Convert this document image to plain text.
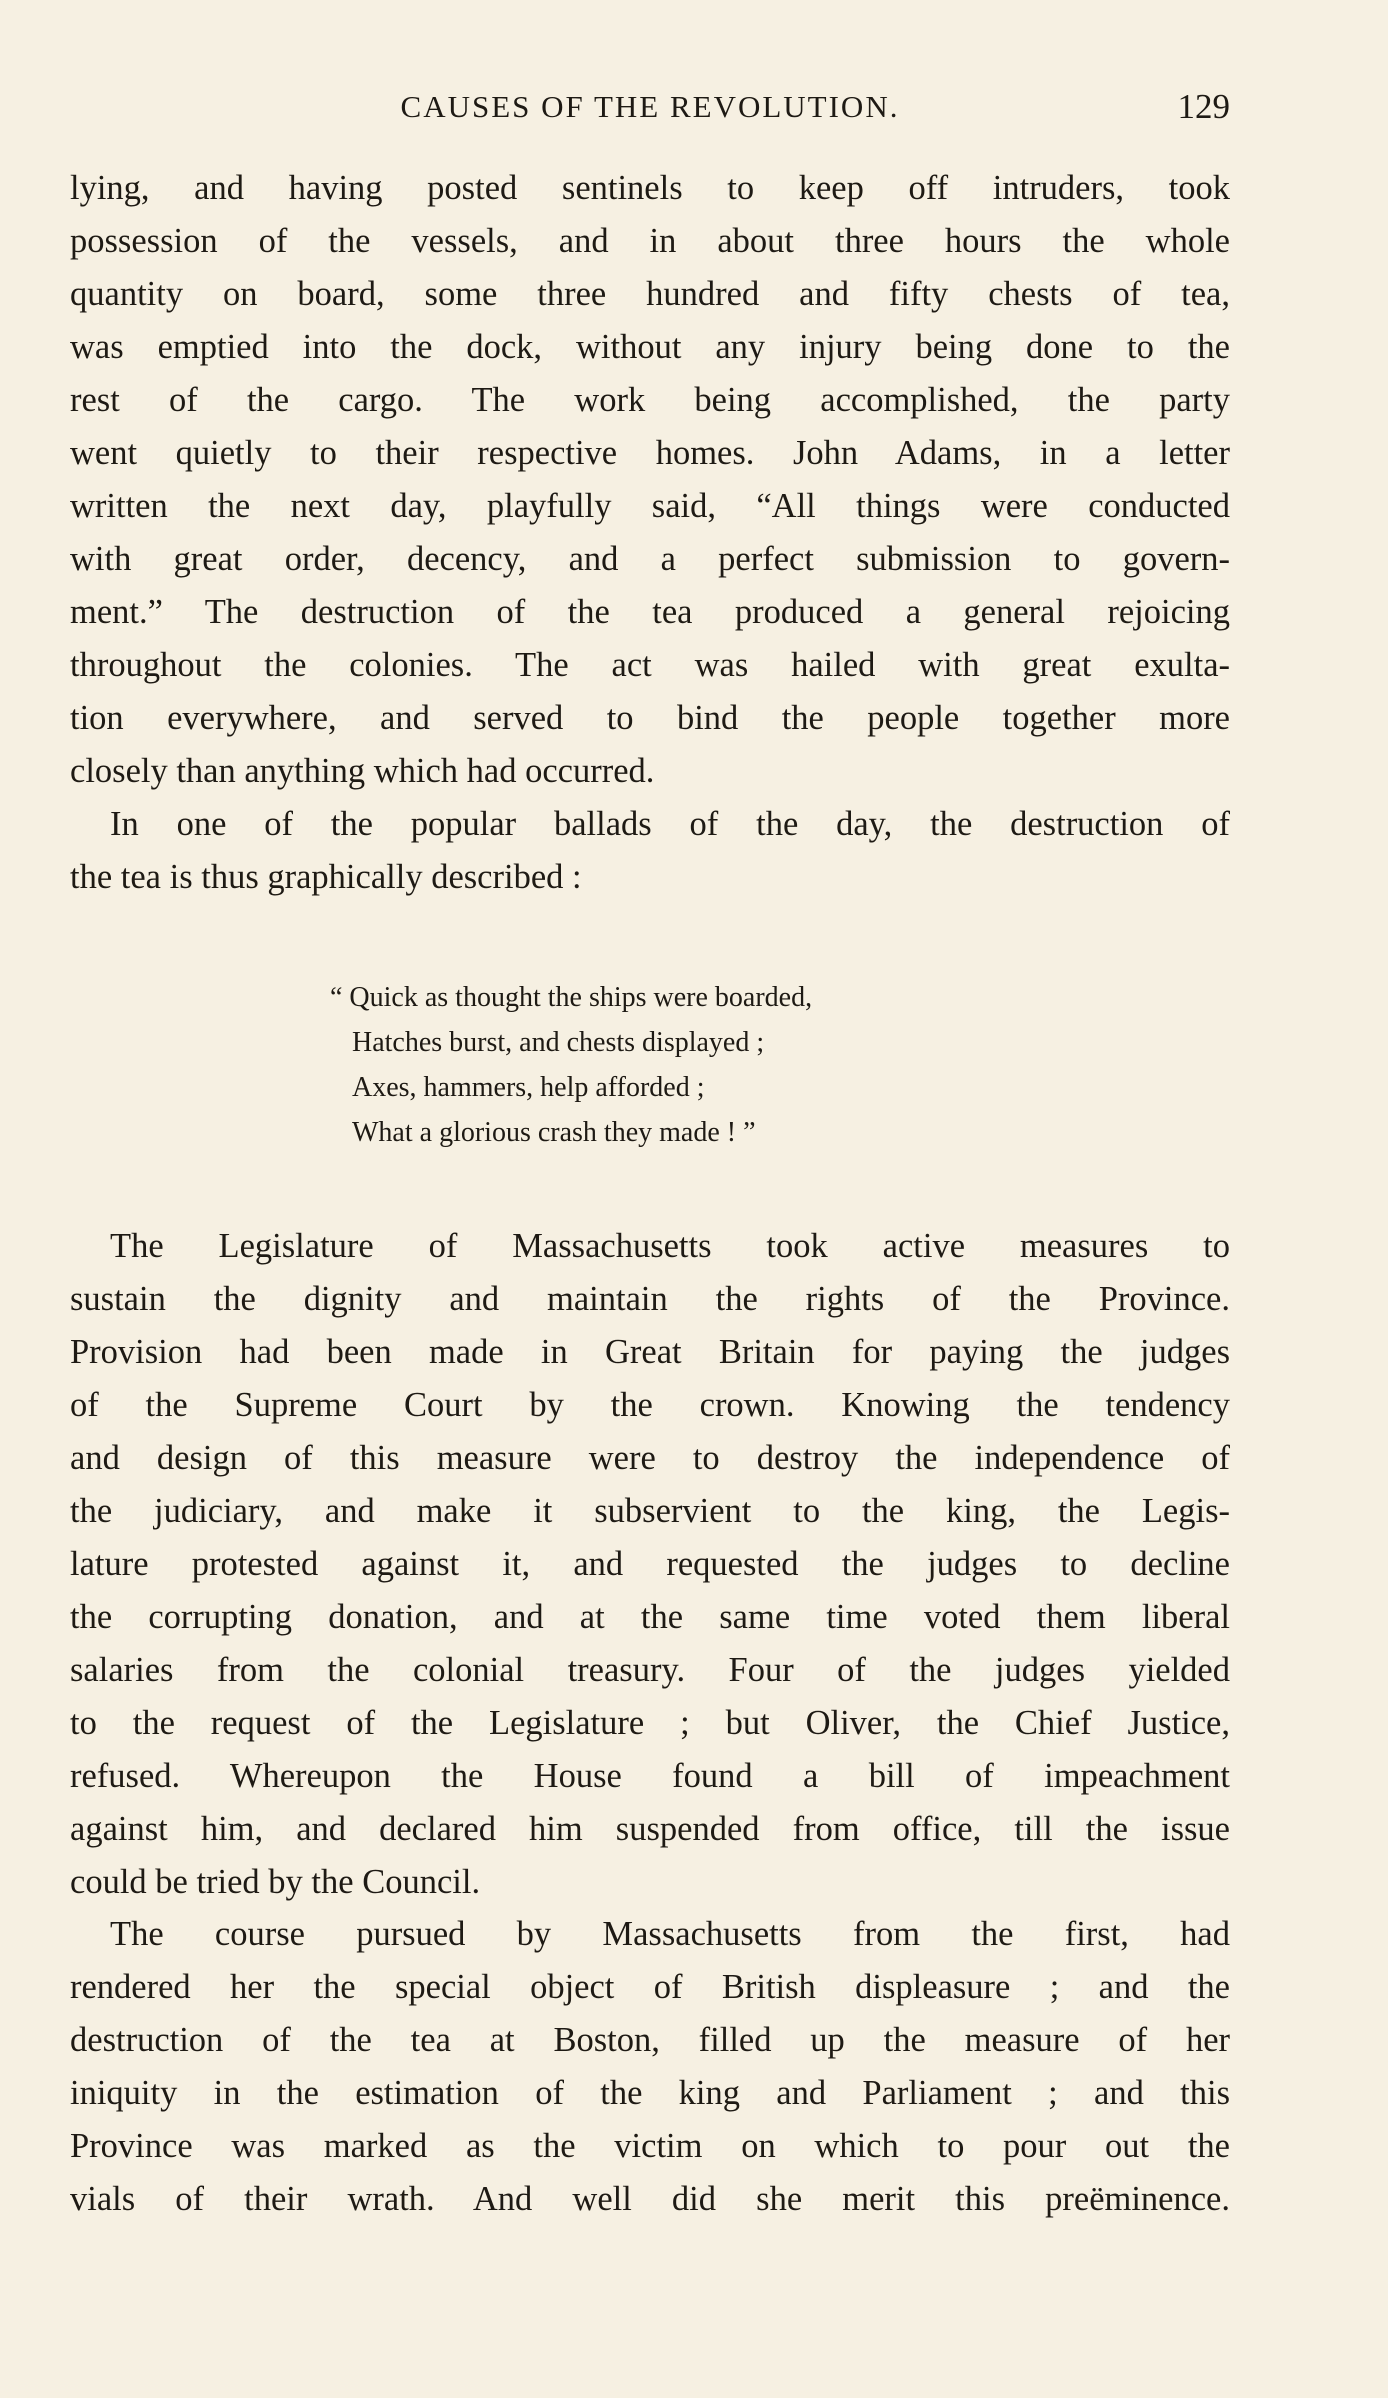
CAUSES OF THE REVOLUTION.	129
lying, and having posted sentinels to keep off intruders, took
possession of the vessels, and in about three hours the whole
quantity on board, some three hundred and fifty chests of tea,
was emptied into the dock, without any injury being done to the
rest of the cargo. The work being accomplished, the party
went quietly to their respective homes. John Adams, in a letter
written the next day, playfully said, “All things were conducted
with great order, decency, and a perfect submission to govern-
ment.” The destruction of the tea produced a general rejoicing
throughout the colonies. The act was hailed with great exulta-
tion everywhere, and served to bind the people together more
closely than anything which had occurred.
In one of the popular ballads of the day, the destruction of
the tea is thus graphically described :
“ Quick as thought the ships were boarded,
Hatches burst, and chests displayed ;
Axes, hammers, help afforded ;
What a glorious crash they made ! ”
The Legislature of Massachusetts took active measures to
sustain the dignity and maintain the rights of the Province.
Provision had been made in Great Britain for paying the judges
of the Supreme Court by the crown. Knowing the tendency
and design of this measure were to destroy the independence of
the judiciary, and make it subservient to the king, the Legis-
lature protested against it, and requested the judges to decline
the corrupting donation, and at the same time voted them liberal
salaries from the colonial treasury. Four of the judges yielded
to the request of the Legislature ; but Oliver, the Chief Justice,
refused. Whereupon the House found a bill of impeachment
against him, and declared him suspended from office, till the issue
could be tried by the Council.
The course pursued by Massachusetts from the first, had
rendered her the special object of British displeasure ; and the
destruction of the tea at Boston, filled up the measure of her
iniquity in the estimation of the king and Parliament ; and this
Province was marked as the victim on which to pour out the
vials of their wrath. And well did she merit this preëminence.
